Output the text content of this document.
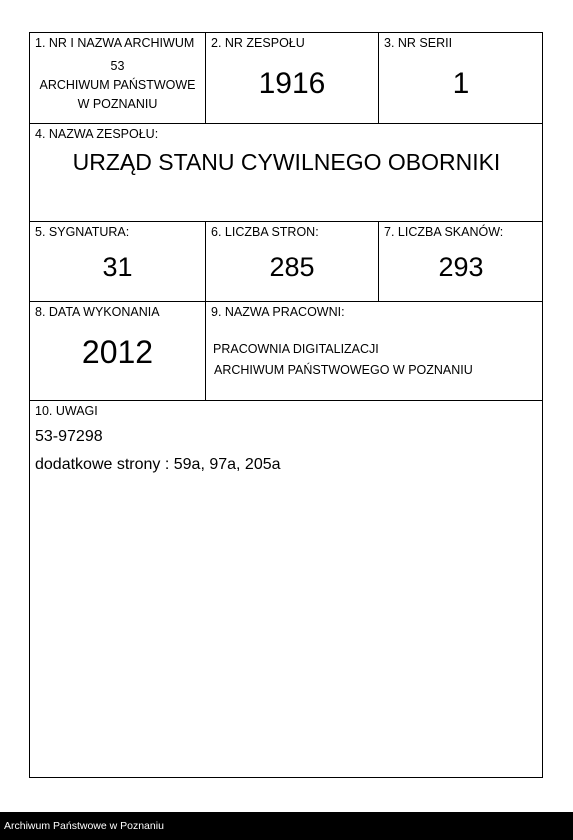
1. NR I NAZWA ARCHIWUM
53
ARCHIWUM PAŃSTWOWE
W POZNANIU
2. NR ZESPOŁU
1916
3. NR SERII
1
4. NAZWA ZESPOŁU:
URZĄD STANU CYWILNEGO OBORNIKI
5. SYGNATURA:
31
6. LICZBA STRON:
285
7. LICZBA SKANÓW:
293
8. DATA WYKONANIA
2012
9. NAZWA PRACOWNI:
PRACOWNIA DIGITALIZACJI
ARCHIWUM PAŃSTWOWEGO W POZNANIU
10. UWAGI
53-97298
dodatkowe strony : 59a, 97a, 205a
Archiwum Państwowe w Poznaniu
